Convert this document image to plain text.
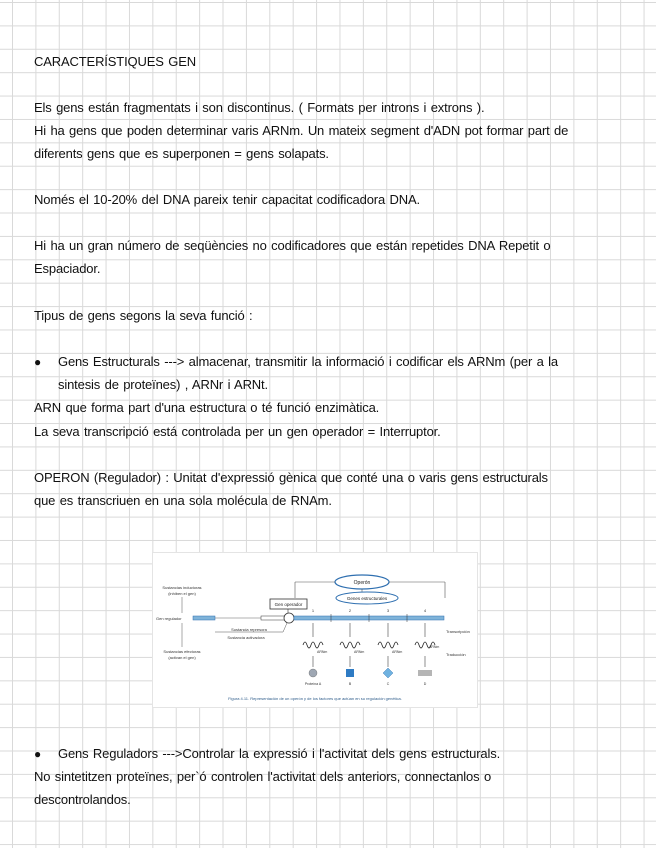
CARACTERÍSTIQUES GEN
Els gens están fragmentats i son discontinus. ( Formats per introns i extrons ).
Hi ha gens que poden determinar varis ARNm. Un mateix segment d'ADN pot formar part de
diferents gens que es superponen = gens solapats.
Només el 10-20% del DNA pareix tenir capacitat codificadora DNA.
Hi ha un gran número de seqüències no codificadores que están repetides DNA Repetit o
Espaciador.
Tipus de gens segons la seva funció :
● Gens Estructurals ---> almacenar, transmitir la informació i codificar els ARNm (per a la
sintesis de proteïnes) , ARNr i ARNt.
ARN que forma part d'una estructura o té funció enzimàtica.
La seva transcripció está controlada per un gen operador = Interruptor.
OPERON (Regulador) : Unitat d'expressió gènica que conté una o varis gens estructurals
que es transcriuen en una sola molécula de RNAm.
Operón
Genes estructurales
Gen operador
Sustancias inductoras
(inhiben el gen)
Gen regulador
1	2	3	4
Sustancia represora
Sustancia activadora
Sustancias efectoras
(activan el gen)
Transcripción
Traducción
ARNm	ARNm	ARNm
ARNm
Proteína A	B	C	D
Figura 4.11. Representación de un operón y de los factores que actúan en su regulación genética.
● Gens Reguladors --->Controlar la expressió i l'activitat dels gens estructurals.
No sintetitzen proteïnes, per`ó controlen l'activitat dels anteriors, connectanlos o
descontrolandos.
